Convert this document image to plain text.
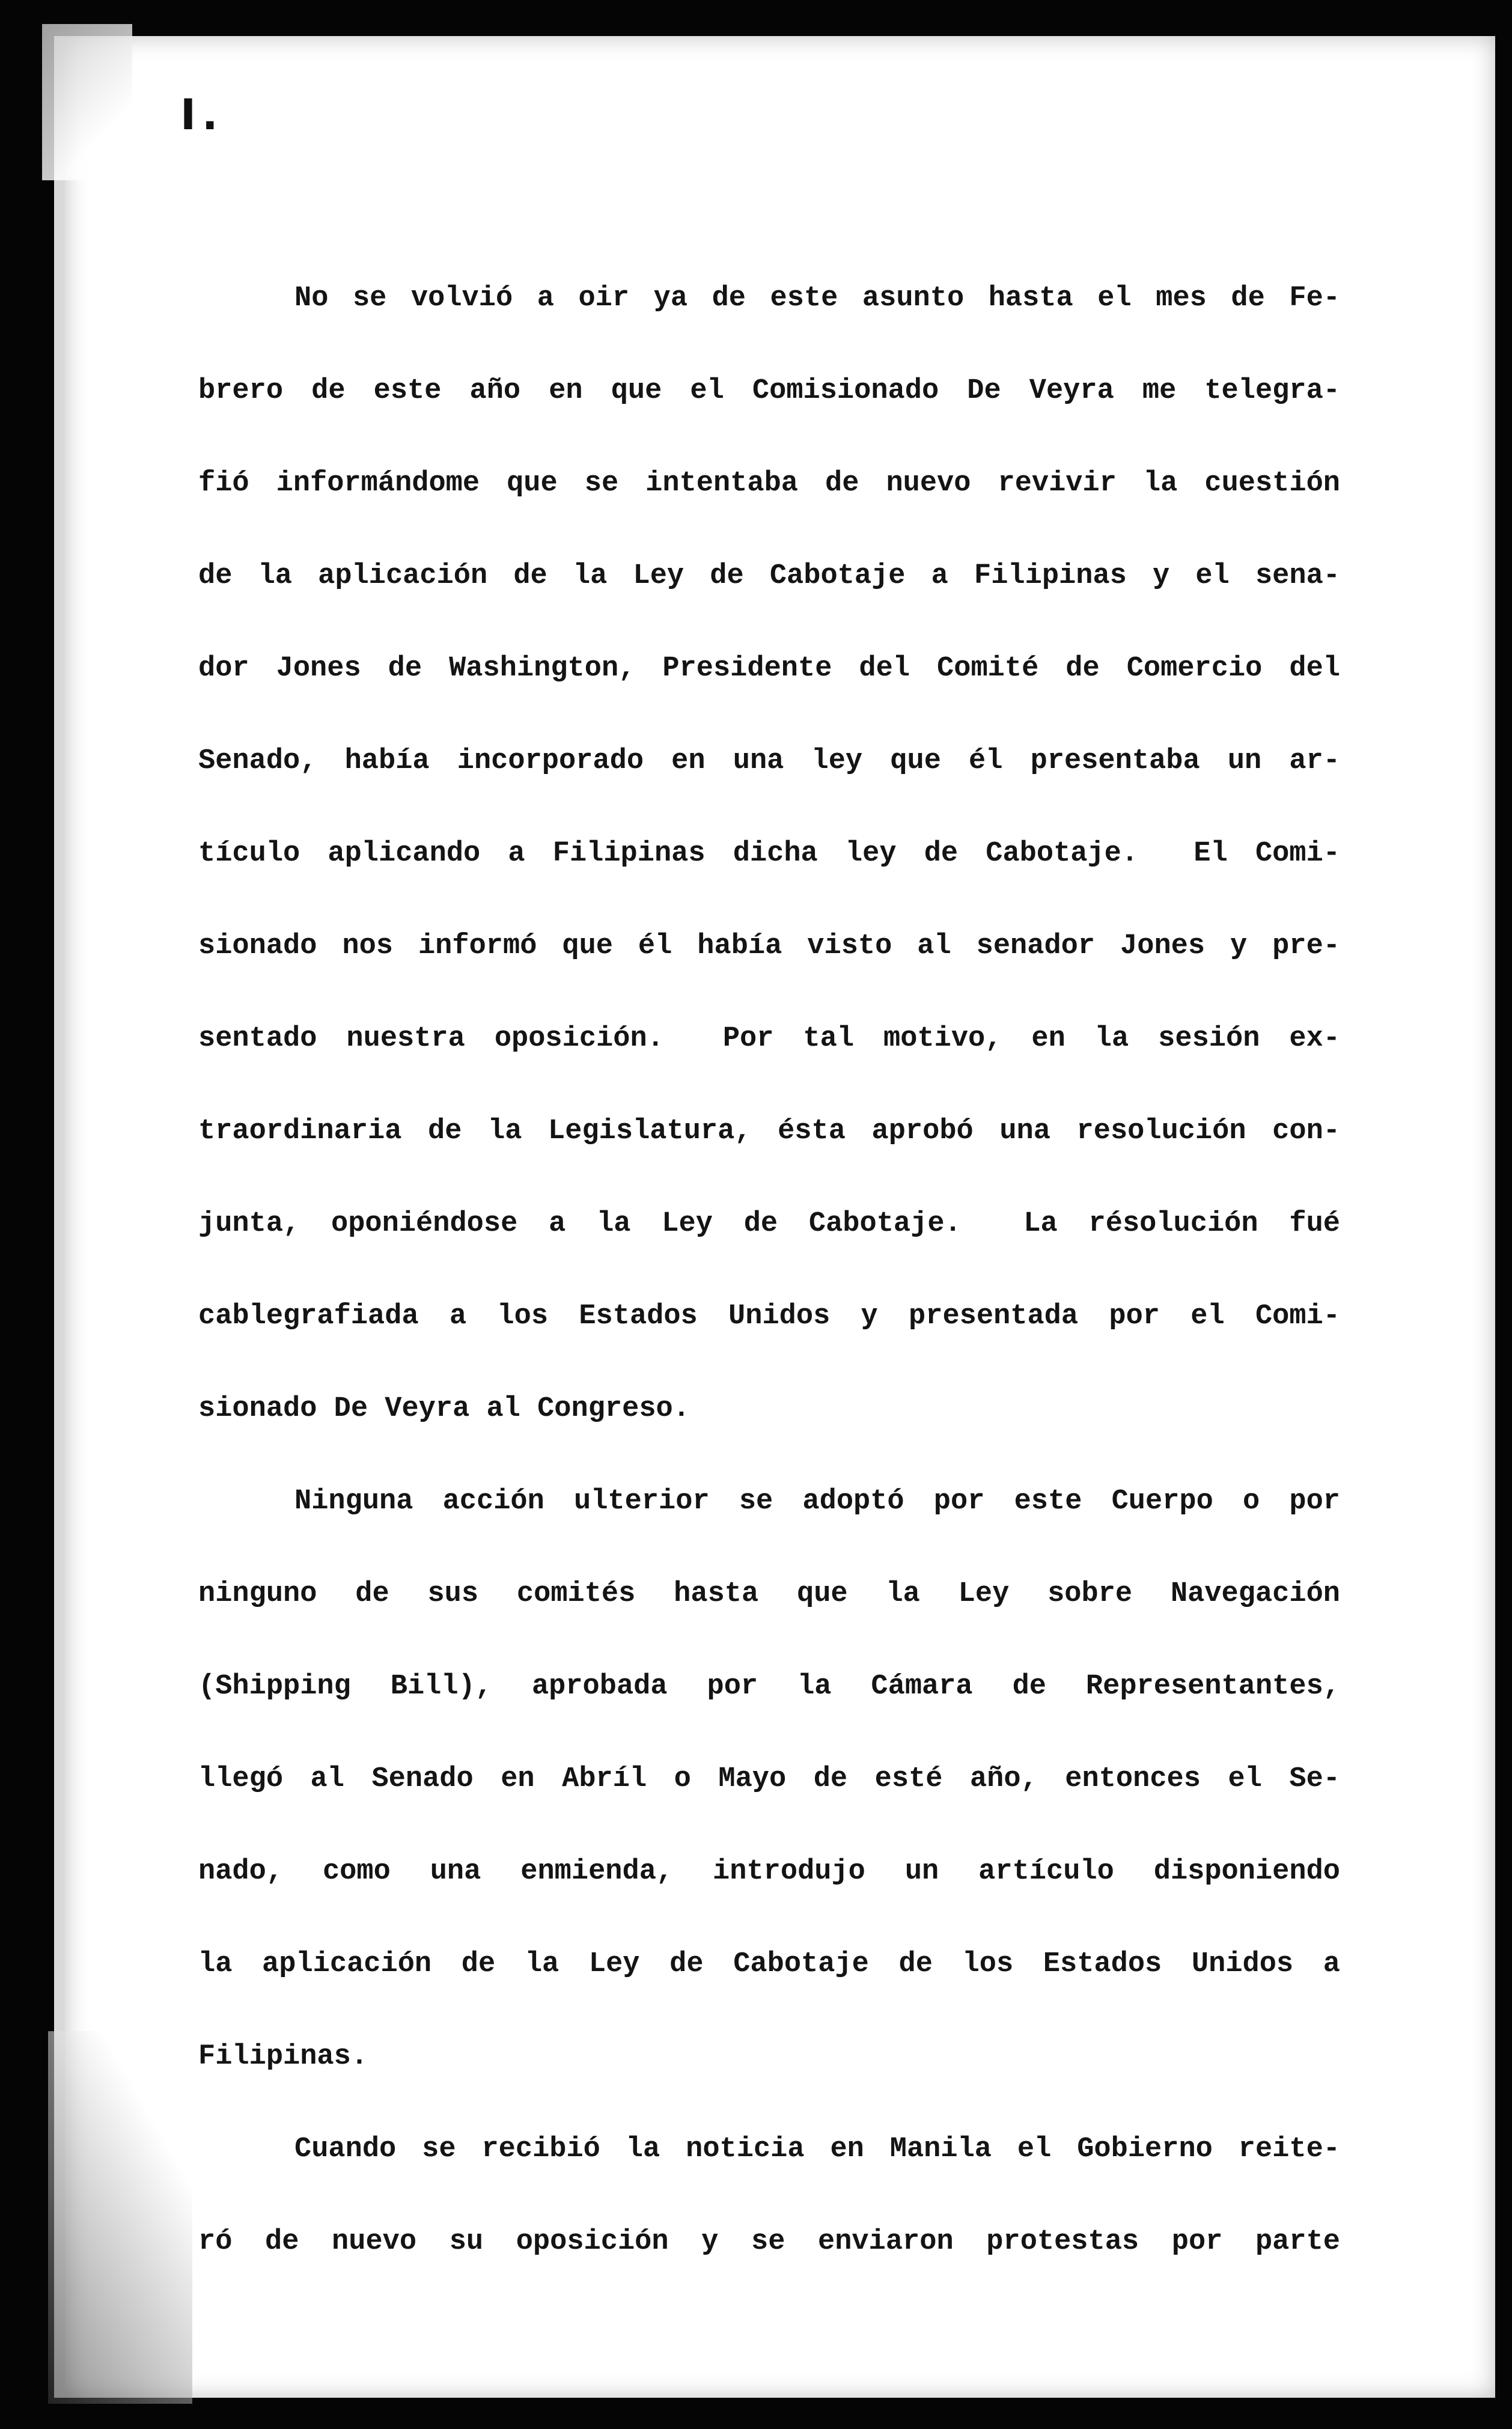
I.

No se volvió a oir ya de este asunto hasta el mes de Fe-
brero de este año en que el Comisionado De Veyra me telegra-
fió informándome que se intentaba de nuevo revivir la cuestión
de la aplicación de la Ley de Cabotaje a Filipinas y el sena-
dor Jones de Washington, Presidente del Comité de Comercio del
Senado, había incorporado en una ley que él presentaba un ar-
tículo aplicando a Filipinas dicha ley de Cabotaje.  El Comi-
sionado nos informó que él había visto al senador Jones y pre-
sentado nuestra oposición.  Por tal motivo, en la sesión ex-
traordinaria de la Legislatura, ésta aprobó una resolución con-
junta, oponiéndose a la Ley de Cabotaje.  La résolución fué
cablegrafiada a los Estados Unidos y presentada por el Comi-
sionado De Veyra al Congreso.
Ninguna acción ulterior se adoptó por este Cuerpo o por
ninguno de sus comités hasta que la Ley sobre Navegación
(Shipping Bill), aprobada por la Cámara de Representantes,
llegó al Senado en Abríl o Mayo de esté año, entonces el Se-
nado, como una enmienda, introdujo un artículo disponiendo
la aplicación de la Ley de Cabotaje de los Estados Unidos a
Filipinas.
Cuando se recibió la noticia en Manila el Gobierno reite-
ró de nuevo su oposición y se enviaron protestas por parte
